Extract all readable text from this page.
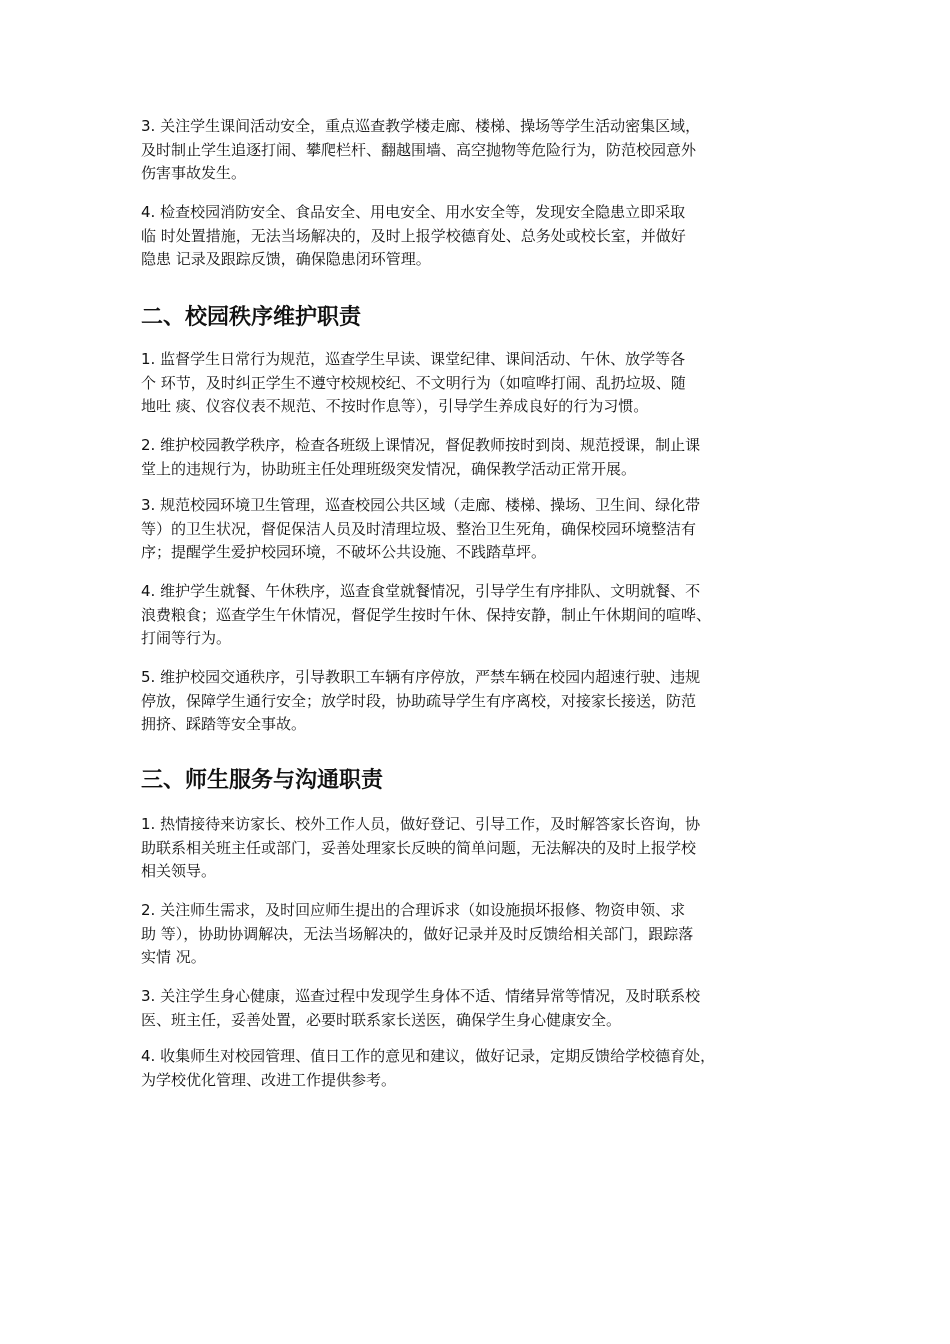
3. 关注学生课间活动安全，重点巡查教学楼走廊、楼梯、操场等学生活动密集区域，
及时制止学生追逐打闹、攀爬栏杆、翻越围墙、高空抛物等危险行为，防范校园意外
伤害事故发生。

4. 检查校园消防安全、食品安全、用电安全、用水安全等，发现安全隐患立即采取
临 时处置措施，无法当场解决的，及时上报学校德育处、总务处或校长室，并做好
隐患 记录及跟踪反馈，确保隐患闭环管理。

二、校园秩序维护职责

1. 监督学生日常行为规范，巡查学生早读、课堂纪律、课间活动、午休、放学等各
个 环节，及时纠正学生不遵守校规校纪、不文明行为（如喧哗打闹、乱扔垃圾、随
地吐 痰、仪容仪表不规范、不按时作息等），引导学生养成良好的行为习惯。

2. 维护校园教学秩序，检查各班级上课情况，督促教师按时到岗、规范授课，制止课
堂上的违规行为，协助班主任处理班级突发情况，确保教学活动正常开展。

3. 规范校园环境卫生管理，巡查校园公共区域（走廊、楼梯、操场、卫生间、绿化带
等）的卫生状况，督促保洁人员及时清理垃圾、整治卫生死角，确保校园环境整洁有
序；提醒学生爱护校园环境，不破坏公共设施、不践踏草坪。

4. 维护学生就餐、午休秩序，巡查食堂就餐情况，引导学生有序排队、文明就餐、不
浪费粮食；巡查学生午休情况，督促学生按时午休、保持安静，制止午休期间的喧哗、
打闹等行为。

5. 维护校园交通秩序，引导教职工车辆有序停放，严禁车辆在校园内超速行驶、违规
停放，保障学生通行安全；放学时段，协助疏导学生有序离校，对接家长接送，防范
拥挤、踩踏等安全事故。

三、师生服务与沟通职责

1. 热情接待来访家长、校外工作人员，做好登记、引导工作，及时解答家长咨询，协
助联系相关班主任或部门，妥善处理家长反映的简单问题，无法解决的及时上报学校
相关领导。

2. 关注师生需求，及时回应师生提出的合理诉求（如设施损坏报修、物资申领、求
助 等），协助协调解决，无法当场解决的，做好记录并及时反馈给相关部门，跟踪落
实情 况。

3. 关注学生身心健康，巡查过程中发现学生身体不适、情绪异常等情况，及时联系校
医、班主任，妥善处置，必要时联系家长送医，确保学生身心健康安全。

4. 收集师生对校园管理、值日工作的意见和建议，做好记录，定期反馈给学校德育处，
为学校优化管理、改进工作提供参考。
